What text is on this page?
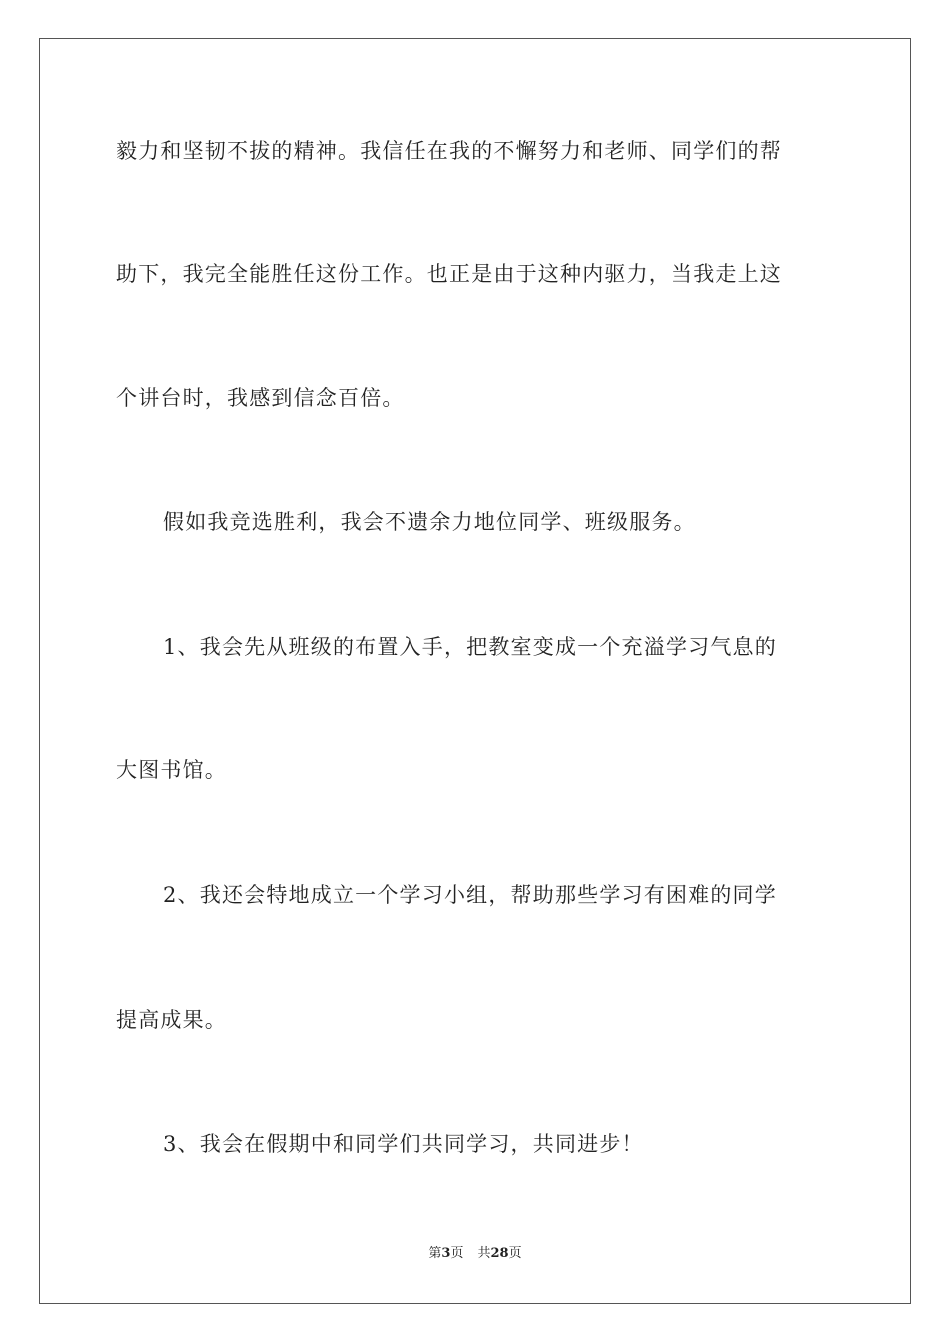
毅力和坚韧不拔的精神。我信任在我的不懈努力和老师、同学们的帮
助下，我完全能胜任这份工作。也正是由于这种内驱力，当我走上这
个讲台时，我感到信念百倍。
假如我竞选胜利，我会不遗余力地位同学、班级服务。
1、我会先从班级的布置入手，把教室变成一个充溢学习气息的
大图书馆。
2、我还会特地成立一个学习小组，帮助那些学习有困难的同学
提高成果。
3、我会在假期中和同学们共同学习，共同进步！
第3页 共28页
